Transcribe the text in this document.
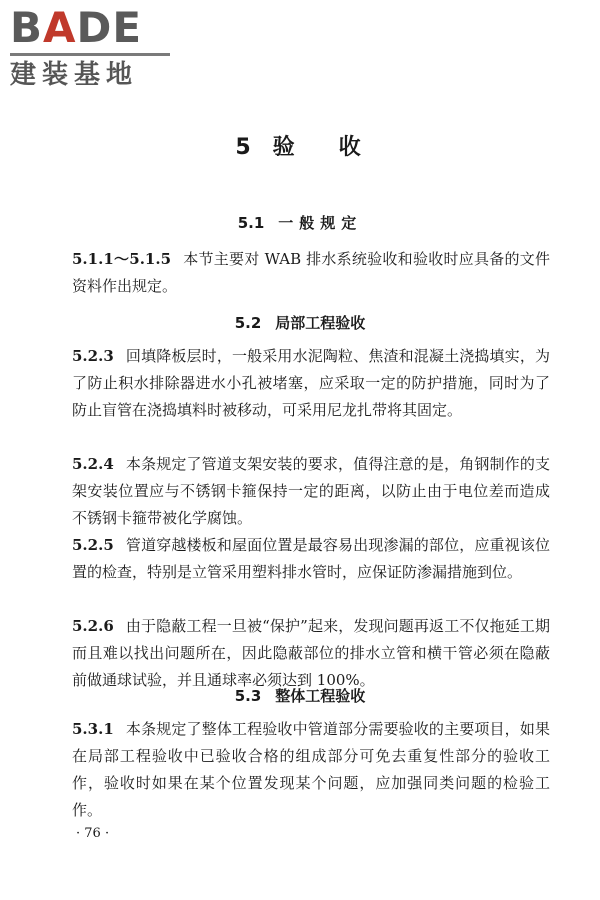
BADE
建装基地
5 验 收
5.1 一般规定
5.1.1～5.1.5 本节主要对 WAB 排水系统验收和验收时应具备的文件资料作出规定。
5.2 局部工程验收
5.2.3 回填降板层时，一般采用水泥陶粒、焦渣和混凝土浇捣填实，为了防止积水排除器进水小孔被堵塞，应采取一定的防护措施，同时为了防止盲管在浇捣填料时被移动，可采用尼龙扎带将其固定。
5.2.4 本条规定了管道支架安装的要求，值得注意的是，角钢制作的支架安装位置应与不锈钢卡箍保持一定的距离，以防止由于电位差而造成不锈钢卡箍带被化学腐蚀。
5.2.5 管道穿越楼板和屋面位置是最容易出现渗漏的部位，应重视该位置的检查，特别是立管采用塑料排水管时，应保证防渗漏措施到位。
5.2.6 由于隐蔽工程一旦被“保护”起来，发现问题再返工不仅拖延工期而且难以找出问题所在，因此隐蔽部位的排水立管和横干管必须在隐蔽前做通球试验，并且通球率必须达到 100%。
5.3 整体工程验收
5.3.1 本条规定了整体工程验收中管道部分需要验收的主要项目，如果在局部工程验收中已验收合格的组成部分可免去重复性部分的验收工作，验收时如果在某个位置发现某个问题，应加强同类问题的检验工作。
· 76 ·
